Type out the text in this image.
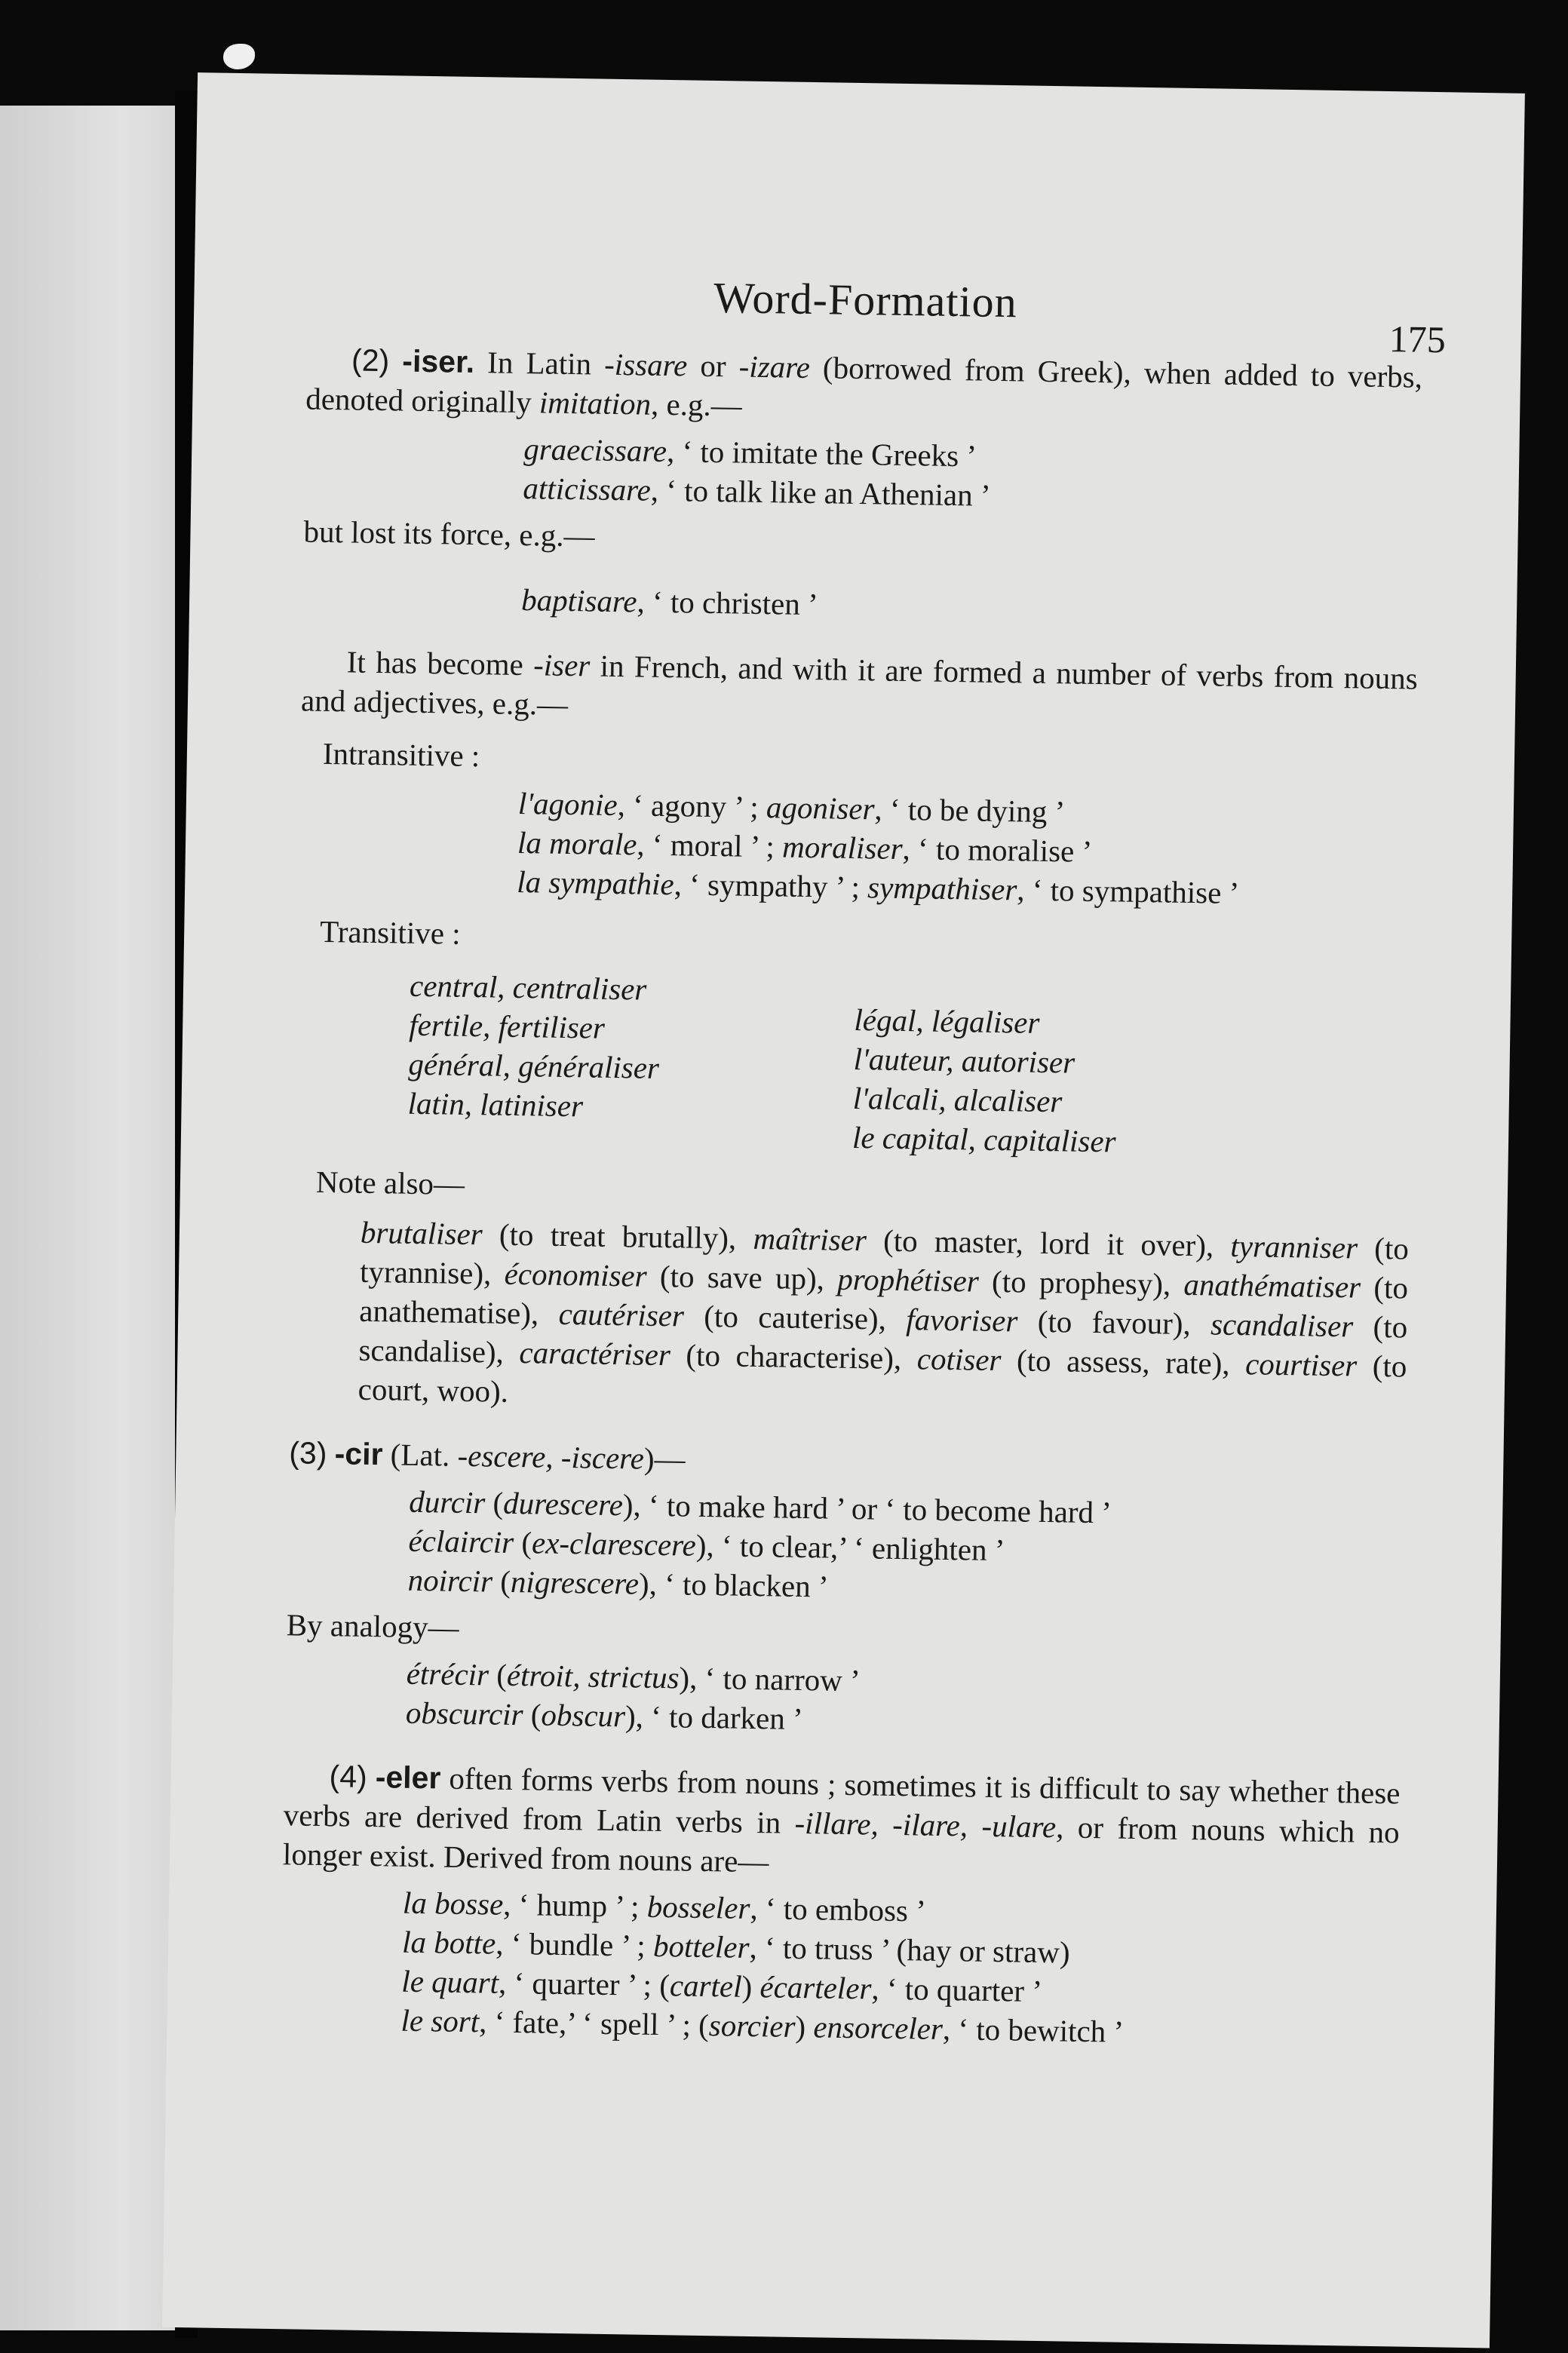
Word-Formation
175

(2) -iser. In Latin -issare or -izare (borrowed from Greek), when added to verbs, denoted originally imitation, e.g.—

graecissare, ‘ to imitate the Greeks ’
atticissare, ‘ to talk like an Athenian ’

but lost its force, e.g.—

baptisare, ‘ to christen ’

It has become -iser in French, and with it are formed a number of verbs from nouns and adjectives, e.g.—

Intransitive :
l'agonie, ‘ agony ’ ; agoniser, ‘ to be dying ’
la morale, ‘ moral ’ ; moraliser, ‘ to moralise ’
la sympathie, ‘ sympathy ’ ; sympathiser, ‘ to sympathise ’
Transitive :
central, centraliser
fertile, fertiliser
général, généraliser
latin, latiniser
légal, légaliser
l'auteur, autoriser
l'alcali, alcaliser
le capital, capitaliser
Note also—

brutaliser (to treat brutally), maîtriser (to master, lord it over), tyranniser (to tyrannise), économiser (to save up), prophétiser (to prophesy), anathématiser (to anathematise), cautériser (to cauterise), favoriser (to favour), scandaliser (to scandalise), caractériser (to characterise), cotiser (to assess, rate), courtiser (to court, woo).

(3) -cir (Lat. -escere, -iscere)—

durcir (durescere), ‘ to make hard ’ or ‘ to become hard ’
éclaircir (ex-clarescere), ‘ to clear,’ ‘ enlighten ’
noircir (nigrescere), ‘ to blacken ’

By analogy—

étrécir (étroit, strictus), ‘ to narrow ’
obscurcir (obscur), ‘ to darken ’

(4) -eler often forms verbs from nouns ; sometimes it is difficult to say whether these verbs are derived from Latin verbs in -illare, -ilare, -ulare, or from nouns which no longer exist. Derived from nouns are—

la bosse, ‘ hump ’ ; bosseler, ‘ to emboss ’
la botte, ‘ bundle ’ ; botteler, ‘ to truss ’ (hay or straw)
le quart, ‘ quarter ’ ; (cartel) écarteler, ‘ to quarter ’
le sort, ‘ fate,’ ‘ spell ’ ; (sorcier) ensorceler, ‘ to bewitch ’
